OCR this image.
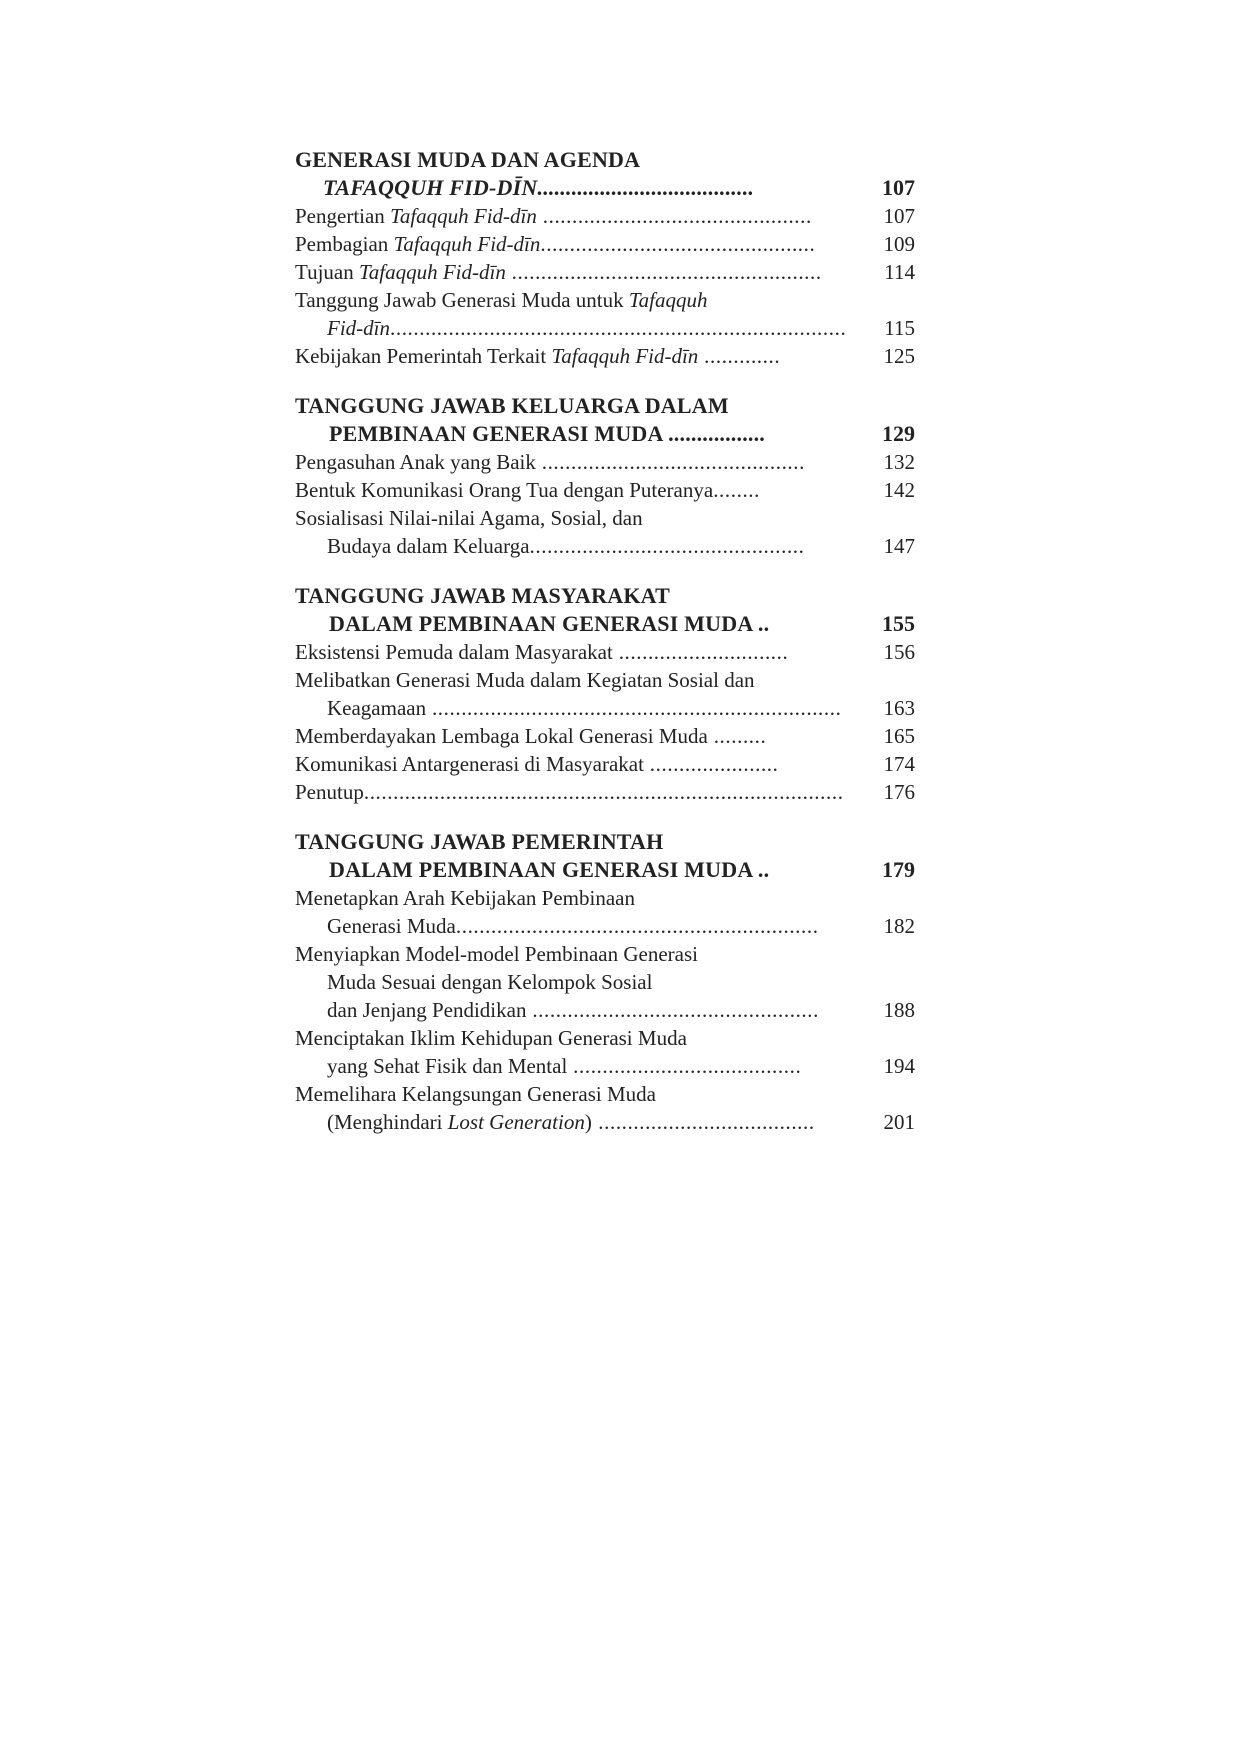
GENERASI MUDA DAN AGENDA
TAFAQQUH FID-DĪN......................................	107
Pengertian Tafaqquh Fid-dīn ..............................................	107
Pembagian Tafaqquh Fid-dīn...............................................	109
Tujuan Tafaqquh Fid-dīn .....................................................	114
Tanggung Jawab Generasi Muda untuk Tafaqquh
Fid-dīn..............................................................................	115
Kebijakan Pemerintah Terkait Tafaqquh Fid-dīn .............	125
TANGGUNG JAWAB KELUARGA DALAM
PEMBINAAN GENERASI MUDA .................	129
Pengasuhan Anak yang Baik .............................................	132
Bentuk Komunikasi Orang Tua dengan Puteranya........	142
Sosialisasi Nilai-nilai Agama, Sosial, dan
Budaya dalam Keluarga...............................................	147
TANGGUNG JAWAB MASYARAKAT
DALAM PEMBINAAN GENERASI MUDA ..	155
Eksistensi Pemuda dalam Masyarakat .............................	156
Melibatkan Generasi Muda dalam Kegiatan Sosial dan
Keagamaan ......................................................................	163
Memberdayakan Lembaga Lokal Generasi Muda .........	165
Komunikasi Antargenerasi di Masyarakat ......................	174
Penutup..................................................................................	176
TANGGUNG JAWAB PEMERINTAH
DALAM PEMBINAAN GENERASI MUDA ..	179
Menetapkan Arah Kebijakan Pembinaan
Generasi Muda..............................................................	182
Menyiapkan Model-model Pembinaan Generasi
Muda Sesuai dengan Kelompok Sosial
dan Jenjang Pendidikan .................................................	188
Menciptakan Iklim Kehidupan Generasi Muda
yang Sehat Fisik dan Mental .......................................	194
Memelihara Kelangsungan Generasi Muda
(Menghindari Lost Generation) .....................................	201
